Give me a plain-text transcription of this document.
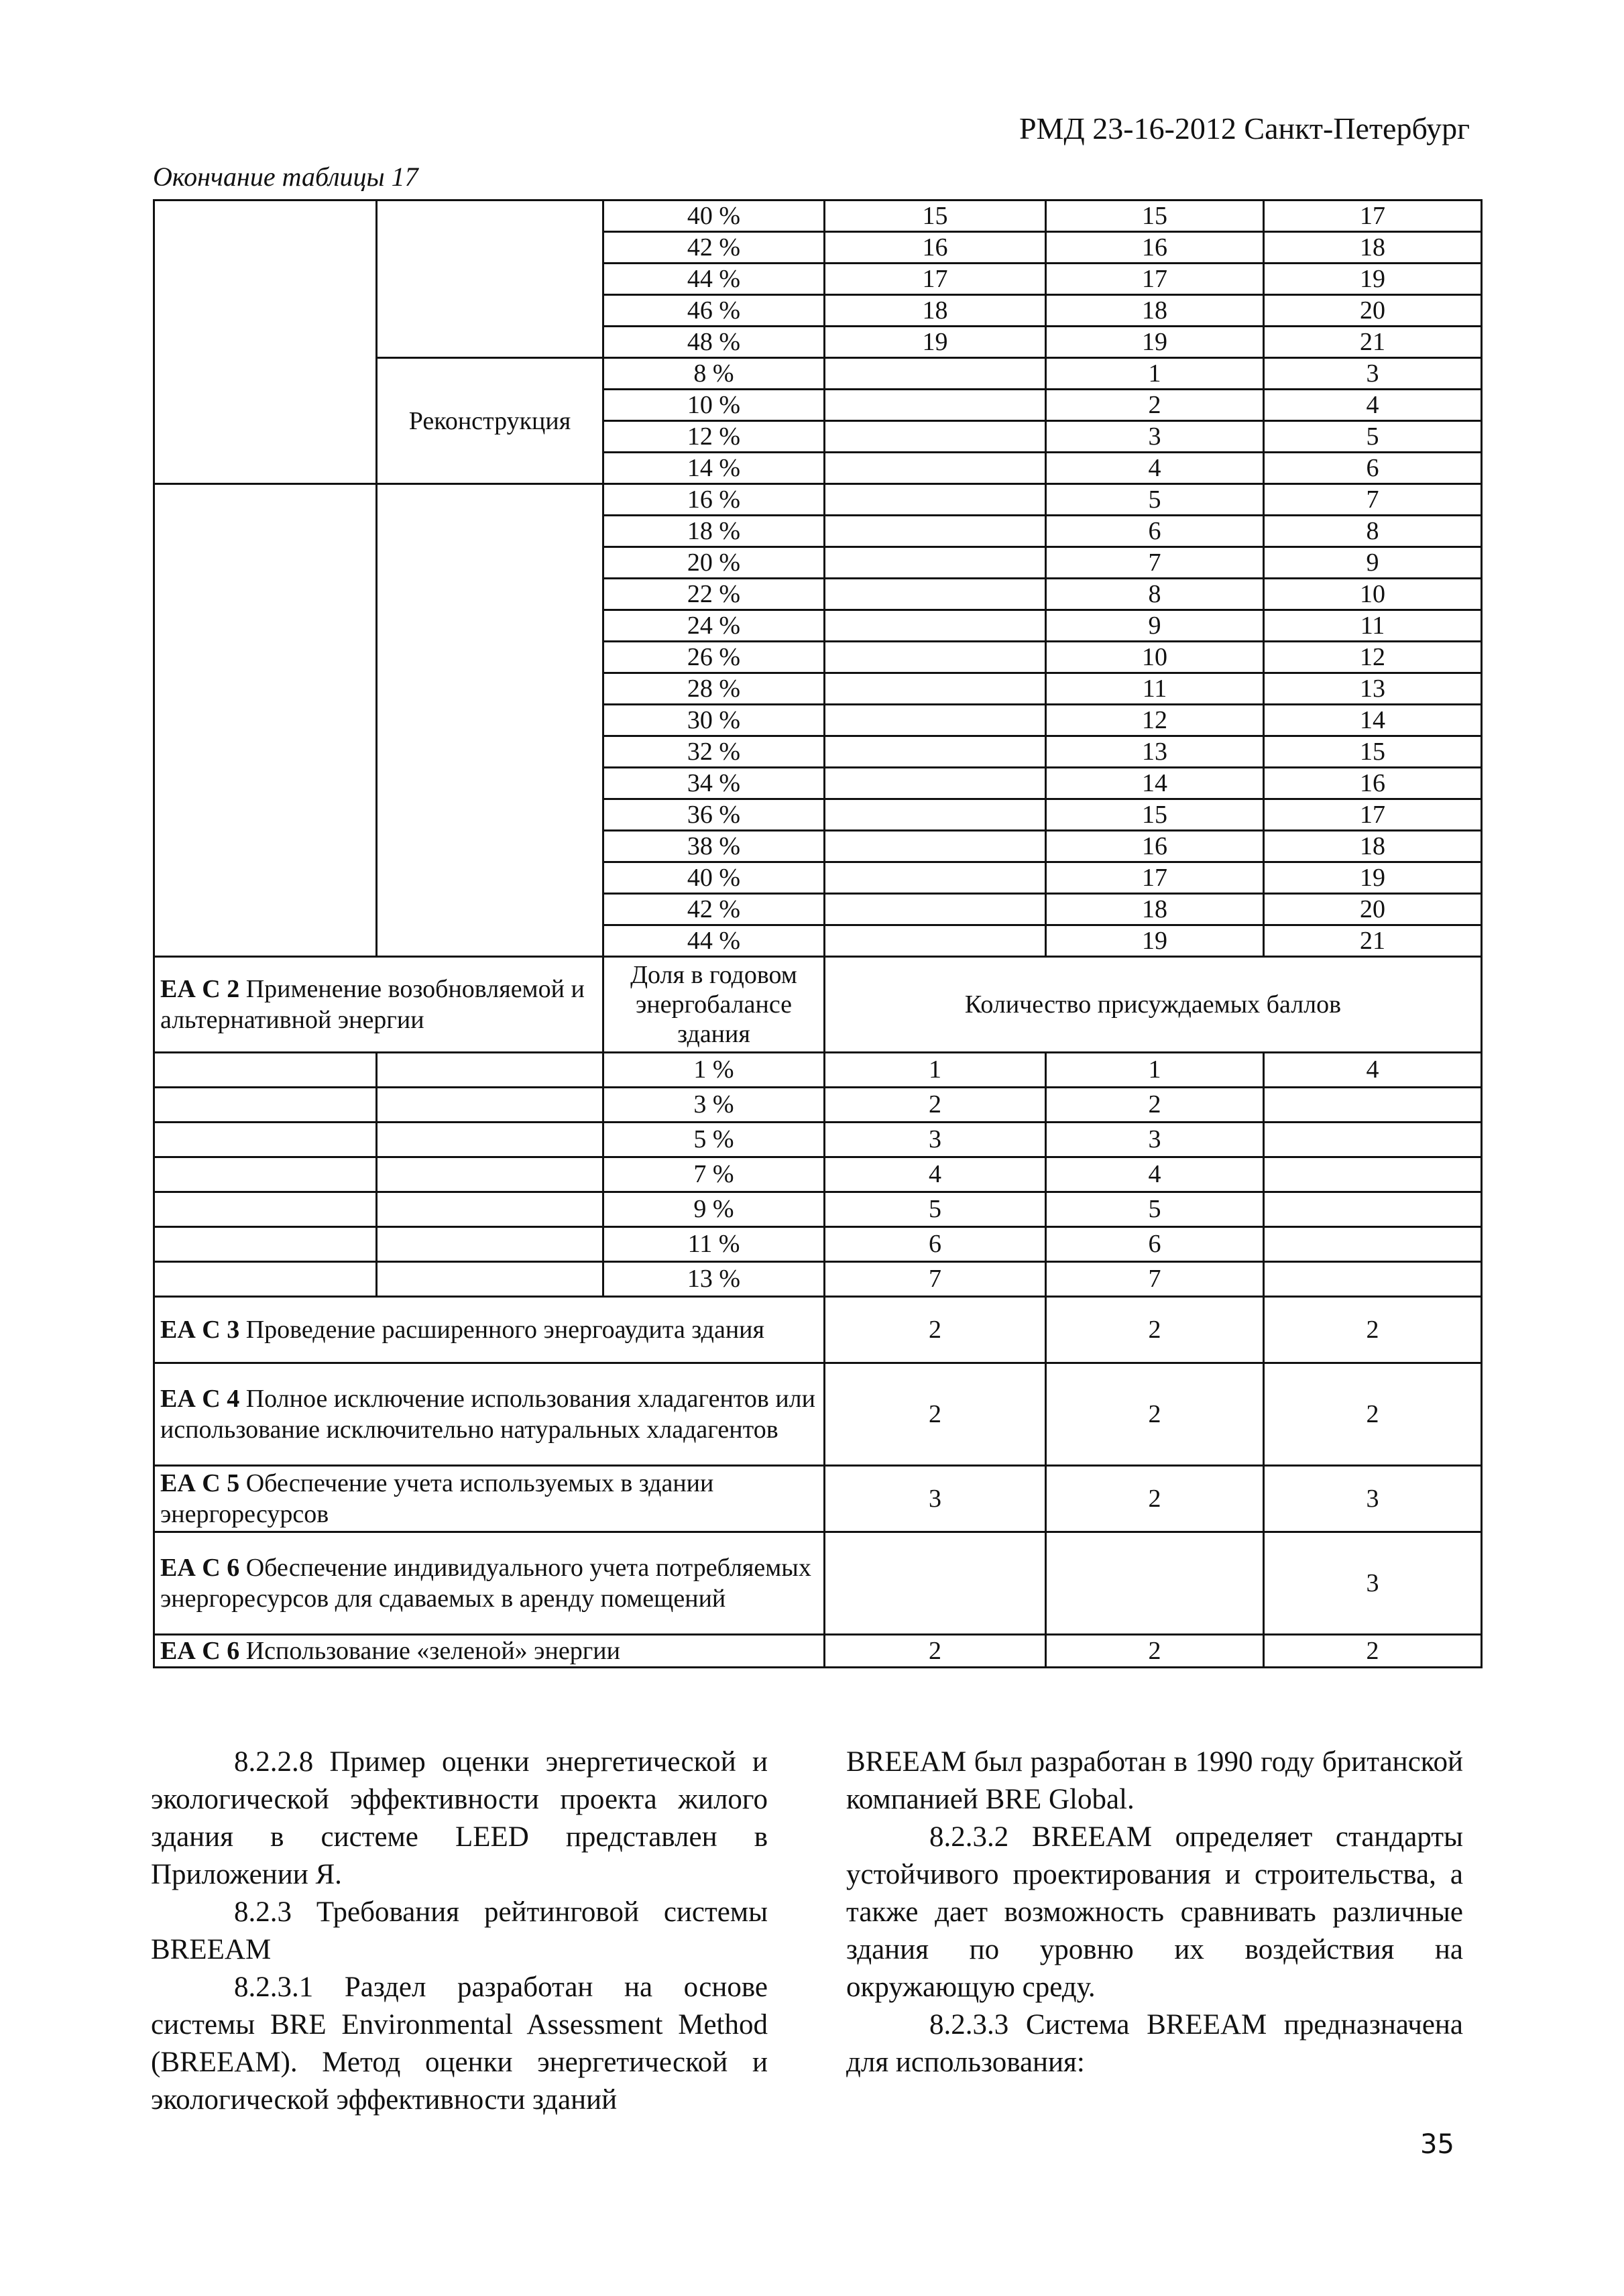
РМД 23-16-2012 Санкт-Петербург
Окончание таблицы 17
		40 %	15	15	17
		42 %	16	16	18
		44 %	17	17	19
		46 %	18	18	20
		48 %	19	19	21
	Реконструкция	8 %		1	3
		10 %		2	4
		12 %		3	5
		14 %		4	6
		16 %		5	7
		18 %		6	8
		20 %		7	9
		22 %		8	10
		24 %		9	11
		26 %		10	12
		28 %		11	13
		30 %		12	14
		32 %		13	15
		34 %		14	16
		36 %		15	17
		38 %		16	18
		40 %		17	19
		42 %		18	20
		44 %		19	21
ЕА С 2 Применение возобновляемой и альтернативной энергии		Доля в годовом энергобалансе здания	Количество присуждаемых баллов		
		1 %	1	1	4
		3 %	2	2	
		5 %	3	3	
		7 %	4	4	
		9 %	5	5	
		11 %	6	6	
		13 %	7	7	
ЕА С 3 Проведение расширенного энергоаудита здания			2	2	2
ЕА С 4 Полное исключение использования хладагентов или использование исключительно натуральных хладагентов			2	2	2
ЕА С 5 Обеспечение учета используемых в здании энергоресурсов			3	2	3
ЕА С 6 Обеспечение индивидуального учета потребляемых энергоресурсов для сдаваемых в аренду помещений					3
ЕА С 6 Использование «зеленой» энергии			2	2	2

8.2.2.8 Пример оценки энергетической и экологической эффективности проекта жилого здания в системе LEED представлен в Приложении Я.

8.2.3 Требования рейтинговой системы BREEAM

8.2.3.1 Раздел разработан на основе системы BRE Environmental Assessment Method (BREEAM). Метод оценки энергетической и экологической эффективности зданий

BREEAM был разработан в 1990 году британской компанией BRE Global.

8.2.3.2 BREEAM определяет стандарты устойчивого проектирования и строительства, а также дает возможность сравнивать различные здания по уровню их воздействия на окружающую среду.

8.2.3.3 Система BREEAM предназначена для использования:

35
